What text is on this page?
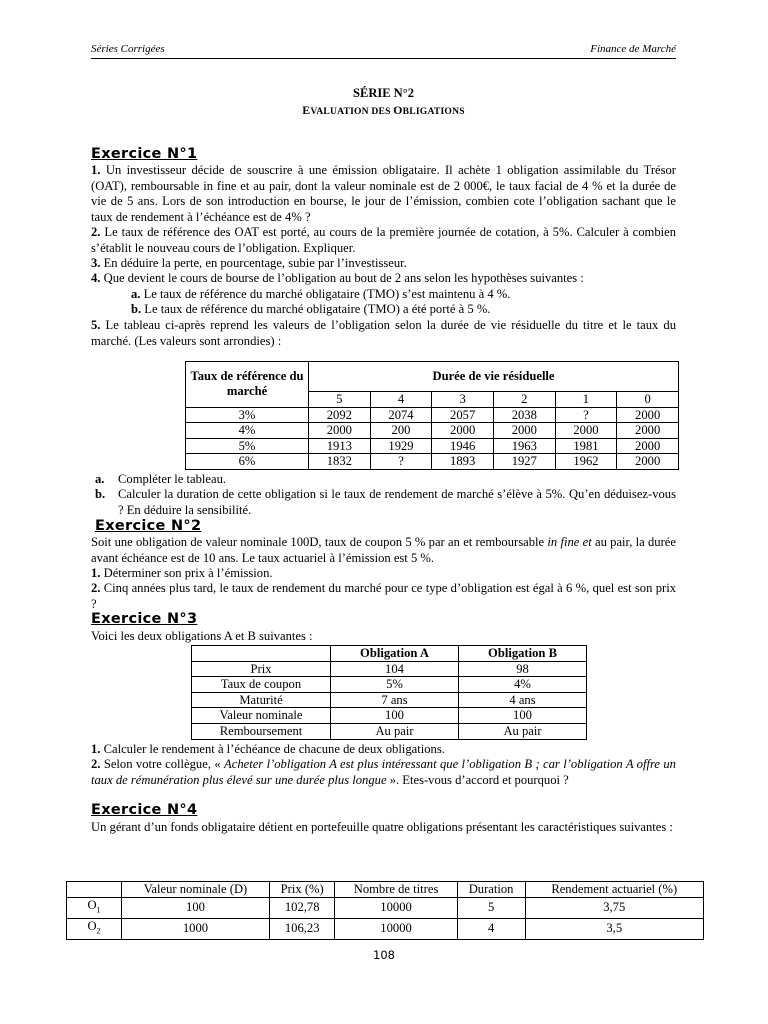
Séries Corrigées	Finance de Marché
SÉRIE N°2
EVALUATION DES OBLIGATIONS
Exercice N°1
1. Un investisseur décide de souscrire à une émission obligataire. Il achète 1 obligation assimilable du Trésor (OAT), remboursable in fine et au pair, dont la valeur nominale est de 2 000€, le taux facial de 4 % et la durée de vie de 5 ans. Lors de son introduction en bourse, le jour de l’émission, combien cote l’obligation sachant que le taux de rendement à l’échéance est de 4% ?
2. Le taux de référence des OAT est porté, au cours de la première journée de cotation, à 5%. Calculer à combien s’établit le nouveau cours de l’obligation. Expliquer.
3. En déduire la perte, en pourcentage, subie par l’investisseur.
4. Que devient le cours de bourse de l’obligation au bout de 2 ans selon les hypothèses suivantes :
a. Le taux de référence du marché obligataire (TMO) s’est maintenu à 4 %.
b. Le taux de référence du marché obligataire (TMO) a été porté à 5 %.
5. Le tableau ci-après reprend les valeurs de l’obligation selon la durée de vie résiduelle du titre et le taux du marché. (Les valeurs sont arrondies) :
Taux de référence du marché	Durée de vie résiduelle					
	5	4	3	2	1	0
3%	2092	2074	2057	2038	?	2000
4%	2000	200	2000	2000	2000	2000
5%	1913	1929	1946	1963	1981	2000
6%	1832	?	1893	1927	1962	2000
a. Compléter le tableau.
b. Calculer la duration de cette obligation si le taux de rendement de marché s’élève à 5%. Qu’en déduisez-vous ? En déduire la sensibilité.
Exercice N°2
Soit une obligation de valeur nominale 100D, taux de coupon 5 % par an et remboursable in fine et au pair, la durée avant échéance est de 10 ans. Le taux actuariel à l’émission est 5 %.
1. Déterminer son prix à l’émission.
2. Cinq années plus tard, le taux de rendement du marché pour ce type d’obligation est égal à 6 %, quel est son prix ?
Exercice N°3
Voici les deux obligations A et B suivantes :
	Obligation A	Obligation B
Prix	104	98
Taux de coupon	5%	4%
Maturité	7 ans	4 ans
Valeur nominale	100	100
Remboursement	Au pair	Au pair
1. Calculer le rendement à l’échéance de chacune de deux obligations.
2. Selon votre collègue, « Acheter l’obligation A est plus intéressant que l’obligation B ; car l’obligation A offre un taux de rémunération plus élevé sur une durée plus longue ». Etes-vous d’accord et pourquoi ?
Exercice N°4
Un gérant d’un fonds obligataire détient en portefeuille quatre obligations présentant les caractéristiques suivantes :
	Valeur nominale (D)	Prix (%)	Nombre de titres	Duration	Rendement actuariel (%)
$O_1$	100	102,78	10000	5	3,75
$O_2$	1000	106,23	10000	4	3,5
108
